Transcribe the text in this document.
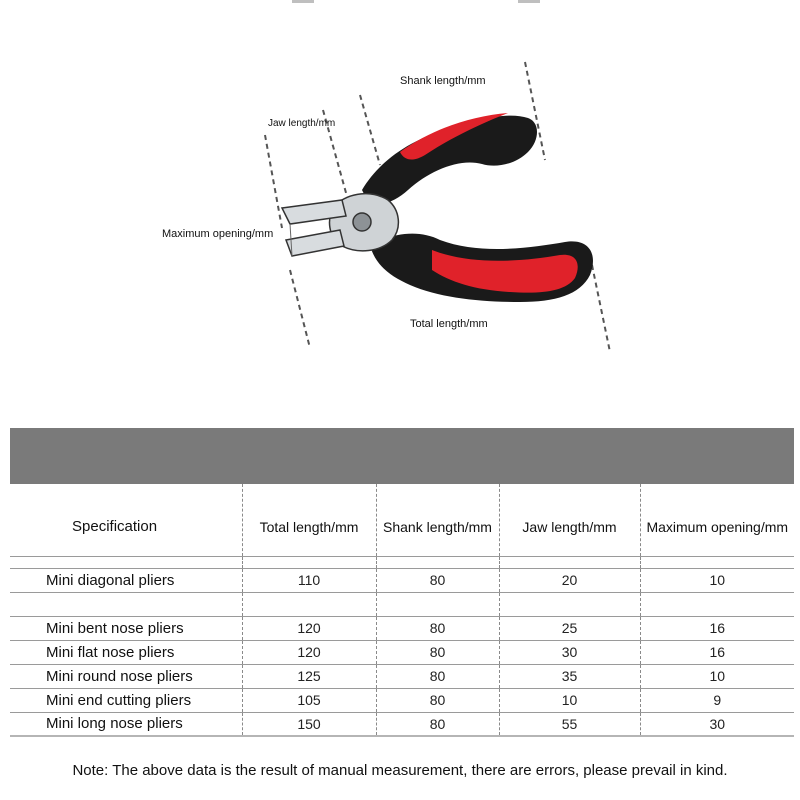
Shank length/mm
Jaw length/mm
Maximum opening/mm
Total length/mm
Specification	Total length/mm	Shank length/mm	Jaw length/mm	Maximum opening/mm

Mini diagonal pliers	110	80	20	10

Mini bent nose pliers	120	80	25	16
Mini flat nose pliers	120	80	30	16
Mini round nose pliers	125	80	35	10
Mini end cutting pliers	105	80	10	9
Mini long nose pliers	150	80	55	30
Note: The above data is the result of manual measurement, there are errors, please prevail in kind.
